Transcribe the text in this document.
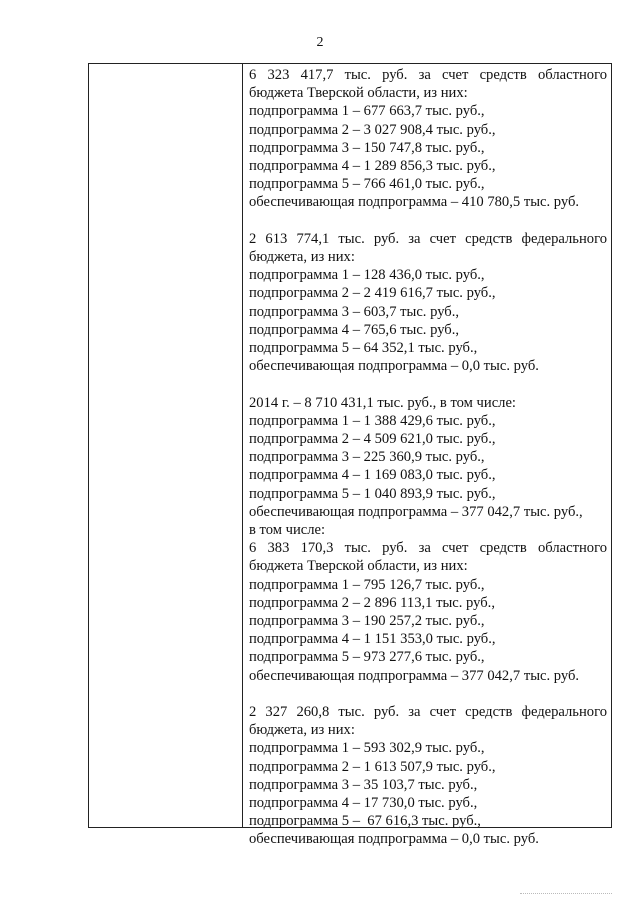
2
6 323 417,7 тыс. руб. за счет средств областного
бюджета Тверской области, из них:
подпрограмма 1 – 677 663,7 тыс. руб.,
подпрограмма 2 – 3 027 908,4 тыс. руб.,
подпрограмма 3 – 150 747,8 тыс. руб.,
подпрограмма 4 – 1 289 856,3 тыс. руб.,
подпрограмма 5 – 766 461,0 тыс. руб.,
обеспечивающая подпрограмма – 410 780,5 тыс. руб.
2 613 774,1 тыс. руб. за счет средств федерального
бюджета, из них:
подпрограмма 1 – 128 436,0 тыс. руб.,
подпрограмма 2 – 2 419 616,7 тыс. руб.,
подпрограмма 3 – 603,7 тыс. руб.,
подпрограмма 4 – 765,6 тыс. руб.,
подпрограмма 5 – 64 352,1 тыс. руб.,
обеспечивающая подпрограмма – 0,0 тыс. руб.
2014 г. – 8 710 431,1 тыс. руб., в том числе:
подпрограмма 1 – 1 388 429,6 тыс. руб.,
подпрограмма 2 – 4 509 621,0 тыс. руб.,
подпрограмма 3 – 225 360,9 тыс. руб.,
подпрограмма 4 – 1 169 083,0 тыс. руб.,
подпрограмма 5 – 1 040 893,9 тыс. руб.,
обеспечивающая подпрограмма – 377 042,7 тыс. руб.,
в том числе:
6 383 170,3 тыс. руб. за счет средств областного
бюджета Тверской области, из них:
подпрограмма 1 – 795 126,7 тыс. руб.,
подпрограмма 2 – 2 896 113,1 тыс. руб.,
подпрограмма 3 – 190 257,2 тыс. руб.,
подпрограмма 4 – 1 151 353,0 тыс. руб.,
подпрограмма 5 – 973 277,6 тыс. руб.,
обеспечивающая подпрограмма – 377 042,7 тыс. руб.
2 327 260,8 тыс. руб. за счет средств федерального
бюджета, из них:
подпрограмма 1 – 593 302,9 тыс. руб.,
подпрограмма 2 – 1 613 507,9 тыс. руб.,
подпрограмма 3 – 35 103,7 тыс. руб.,
подпрограмма 4 – 17 730,0 тыс. руб.,
подпрограмма 5 –  67 616,3 тыс. руб.,
обеспечивающая подпрограмма – 0,0 тыс. руб.
